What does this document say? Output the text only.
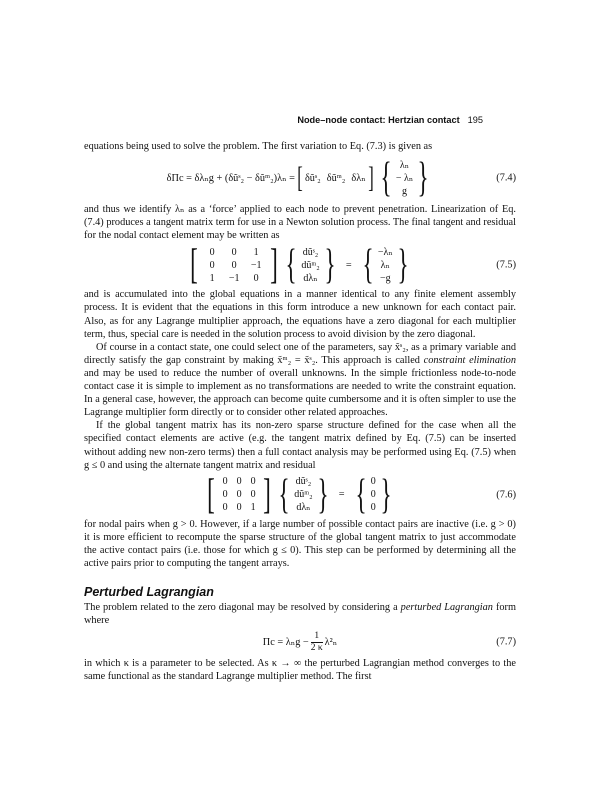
Node–node contact: Hertzian contact 195

equations being used to solve the problem. The first variation to Eq. (7.3) is given as

δΠc = δλₙg + (δũˢ₂ − δũᵐ₂)λₙ = [ δũˢ₂ δũᵐ₂ δλₙ ] { λₙ
− λₙ
g }	(7.4)

and thus we identify λₙ as a ‘force’ applied to each node to prevent penetration. Linearization of Eq. (7.4) produces a tangent matrix term for use in a Newton solution process. The final tangent and residual for the nodal contact element may be written as

[	0	0	1
0	0	−1
1	−1	0 ] { dũˢ₂
dũᵐ₂
dλₙ } = { −λₙ
λₙ
−g }	(7.5)

and is accumulated into the global equations in a manner identical to any finite element assembly process. It is evident that the equations in this form introduce a new unknown for each contact pair. Also, as for any Lagrange multiplier approach, the equations have a zero diagonal for each multiplier term, thus, special care is needed in the solution process to avoid division by the zero diagonal.

Of course in a contact state, one could select one of the parameters, say x̃ˢ₂, as a primary variable and directly satisfy the gap constraint by making x̃ᵐ₂ = x̃ˢ₂. This approach is called constraint elimination and may be used to reduce the number of overall unknowns. In the simple frictionless node-to-node contact case it is simple to implement as no transformations are needed to write the constraint equation. In a general case, however, the approach can become quite cumbersome and it is often simpler to use the Lagrange multiplier form directly or to consider other related approaches.

If the global tangent matrix has its non-zero sparse structure defined for the case when all the specified contact elements are active (e.g. the tangent matrix defined by Eq. (7.5) can be inserted without adding new non-zero terms) then a full contact analysis may be performed using Eq. (7.5) when g ≤ 0 and using the alternate tangent matrix and residual

[ 0 0 0
0 0 0
0 0 1 ] { dũˢ₂
dũᵐ₂
dλₙ } = { 0
0
0 }	(7.6)

for nodal pairs when g > 0. However, if a large number of possible contact pairs are inactive (i.e. g > 0) it is more efficient to recompute the sparse structure of the global tangent matrix to just accommodate the active contact pairs (i.e. those for which g ≤ 0). This step can be performed by determining all the active pairs prior to computing the tangent arrays.

Perturbed Lagrangian

The problem related to the zero diagonal may be resolved by considering a perturbed Lagrangian form where

$\Pi c = \lambda_ng - \frac{1}{2 \kappa} \lambda^2_n$	(7.7)

in which κ is a parameter to be selected. As κ → ∞ the perturbed Lagrangian method converges to the same functional as the standard Lagrange multiplier method. The first
